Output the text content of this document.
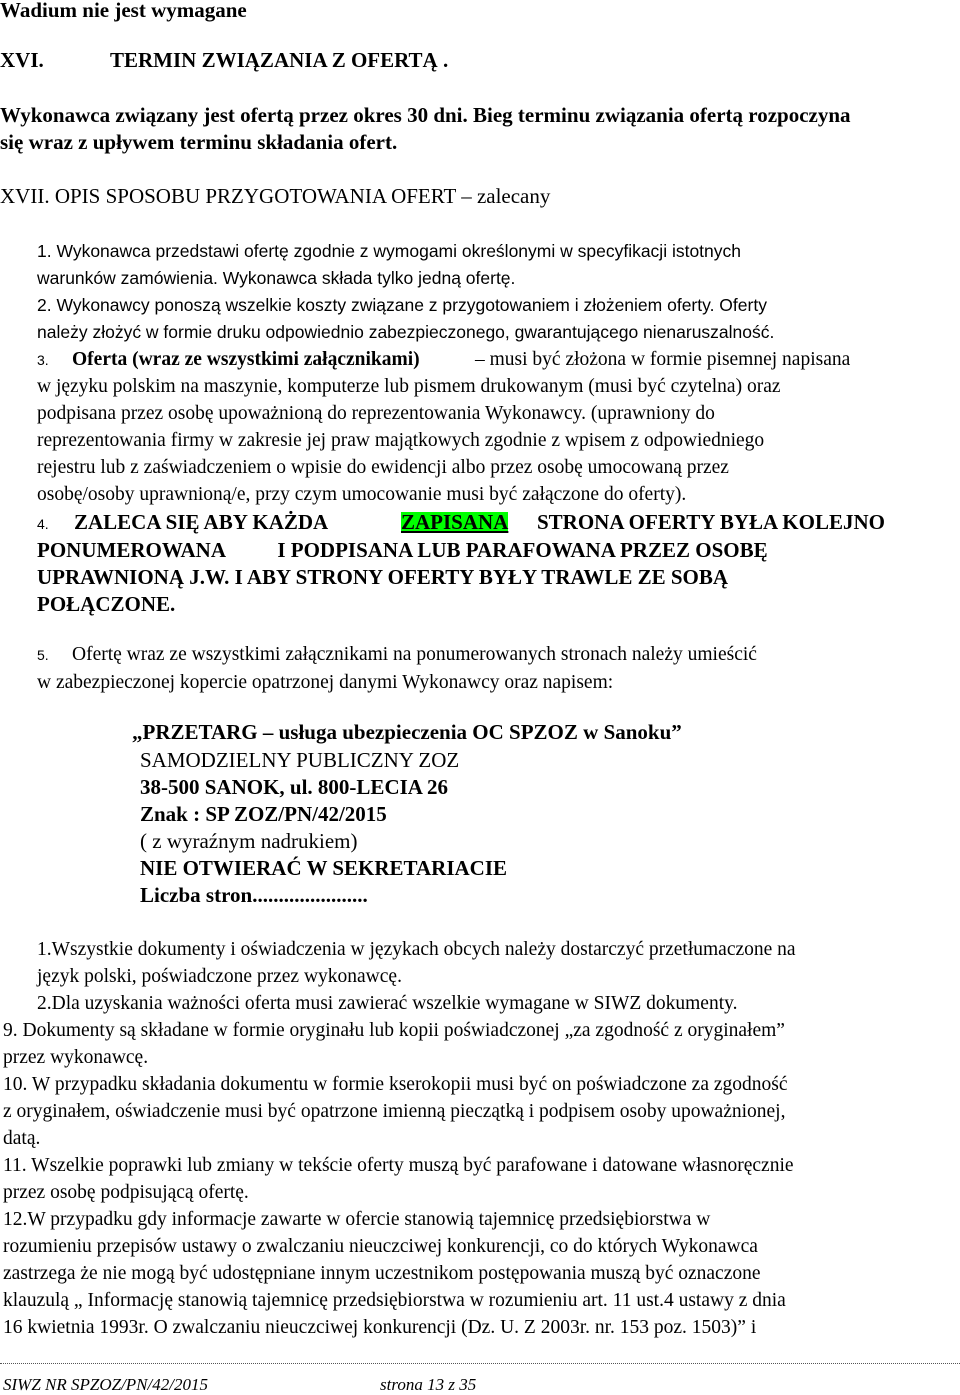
Wadium nie jest wymagane
XVI.	TERMIN ZWIĄZANIA Z OFERTĄ .
Wykonawca związany jest ofertą przez okres 30 dni. Bieg terminu związania ofertą rozpoczyna
się wraz z upływem terminu składania ofert.
XVII. OPIS SPOSOBU PRZYGOTOWANIA OFERT – zalecany
1. Wykonawca przedstawi ofertę zgodnie z wymogami określonymi w specyfikacji istotnych
warunków zamówienia. Wykonawca składa tylko jedną ofertę.
2. Wykonawcy ponoszą wszelkie koszty związane z przygotowaniem i złożeniem oferty. Oferty
należy złożyć w formie druku odpowiednio zabezpieczonego, gwarantującego nienaruszalność.
3. Oferta (wraz ze wszystkimi załącznikami)	– musi być złożona w formie pisemnej napisana
w języku polskim na maszynie, komputerze lub pismem drukowanym (musi być czytelna) oraz
podpisana przez osobę upoważnioną do reprezentowania Wykonawcy. (uprawniony do
reprezentowania firmy w zakresie jej praw majątkowych zgodnie z wpisem z odpowiedniego
rejestru lub z zaświadczeniem o wpisie do ewidencji albo przez osobę umocowaną przez
osobę/osoby uprawnioną/e, przy czym umocowanie musi być załączone do oferty).
4. ZALECA SIĘ ABY KAŻDA	ZAPISANA STRONA OFERTY BYŁA KOLEJNO
PONUMEROWANA          I PODPISANA LUB PARAFOWANA PRZEZ OSOBĘ
UPRAWNIONĄ J.W. I ABY STRONY OFERTY BYŁY TRAWLE ZE SOBĄ
POŁĄCZONE.
5. Ofertę wraz ze wszystkimi załącznikami na ponumerowanych stronach należy umieścić
w zabezpieczonej kopercie opatrzonej danymi Wykonawcy oraz napisem:
„PRZETARG – usługa ubezpieczenia OC SPZOZ w Sanoku”
SAMODZIELNY PUBLICZNY ZOZ
38-500 SANOK, ul. 800-LECIA 26
Znak : SP ZOZ/PN/42/2015
( z wyraźnym nadrukiem)
NIE OTWIERAĆ W SEKRETARIACIE
Liczba stron......................
1.Wszystkie dokumenty i oświadczenia w językach obcych należy dostarczyć przetłumaczone na
język polski, poświadczone przez wykonawcę.
2.Dla uzyskania ważności oferta musi zawierać wszelkie wymagane w SIWZ dokumenty.
9. Dokumenty są składane w formie oryginału lub kopii poświadczonej „za zgodność z oryginałem”
przez wykonawcę.
10. W przypadku składania dokumentu w formie kserokopii musi być on poświadczone za zgodność
z oryginałem, oświadczenie musi być opatrzone imienną pieczątką i podpisem osoby upoważnionej,
datą.
11. Wszelkie poprawki lub zmiany w tekście oferty muszą być parafowane i datowane własnoręcznie
przez osobę podpisującą ofertę.
12.W przypadku gdy informacje zawarte w ofercie stanowią tajemnicę przedsiębiorstwa w
rozumieniu przepisów ustawy o zwalczaniu nieuczciwej konkurencji, co do których Wykonawca
zastrzega że nie mogą być udostępniane innym uczestnikom postępowania muszą być oznaczone
klauzulą „ Informację stanowią tajemnicę przedsiębiorstwa w rozumieniu art. 11 ust.4 ustawy z dnia
16 kwietnia 1993r. O zwalczaniu nieuczciwej konkurencji (Dz. U. Z 2003r. nr. 153 poz. 1503)” i
SIWZ NR SPZOZ/PN/42/2015	strona 13 z 35
